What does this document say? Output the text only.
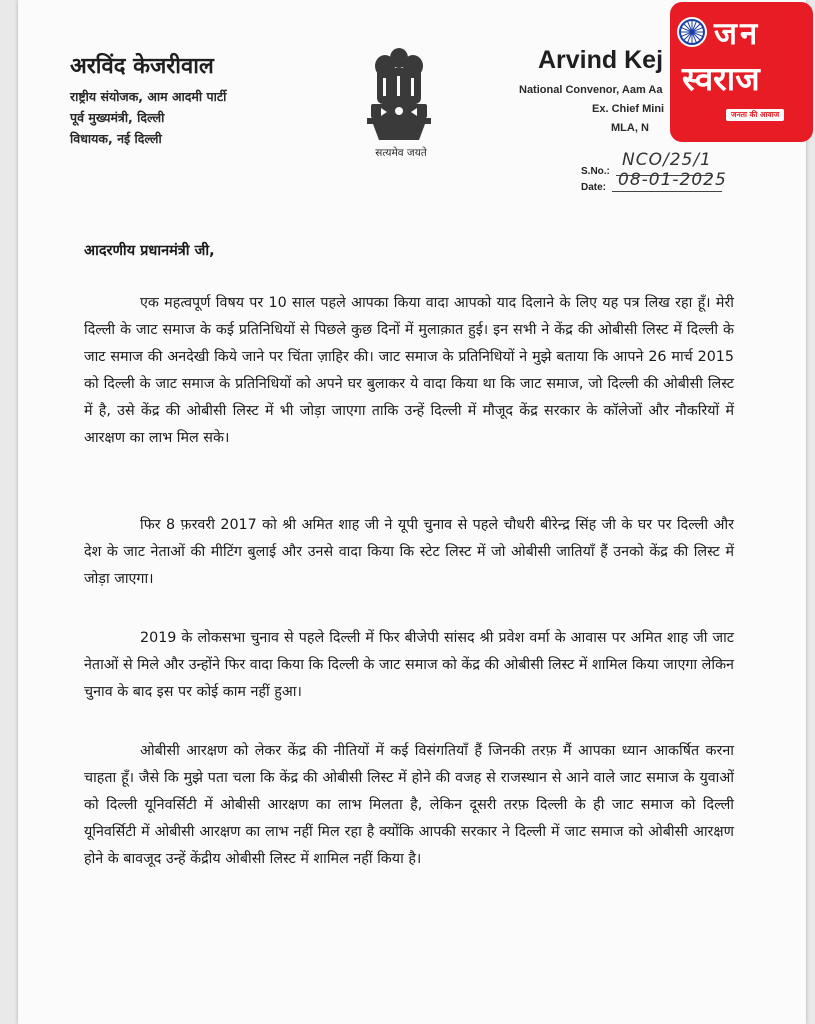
अरविंद केजरीवाल
राष्ट्रीय संयोजक, आम आदमी पार्टी
पूर्व मुख्यमंत्री, दिल्ली
विधायक, नई दिल्ली
सत्यमेव जयते
Arvind Kej
National Convenor, Aam Aa
Ex. Chief Mini
MLA, N
S.No.:
NCO/25/1
Date: 08-01-2025
आदरणीय प्रधानमंत्री जी,

एक महत्वपूर्ण विषय पर 10 साल पहले आपका किया वादा आपको याद दिलाने के लिए यह पत्र लिख रहा हूँ। मेरी दिल्ली के जाट समाज के कई प्रतिनिधियों से पिछले कुछ दिनों में मुलाक़ात हुई। इन सभी ने केंद्र की ओबीसी लिस्ट में दिल्ली के जाट समाज की अनदेखी किये जाने पर चिंता ज़ाहिर की। जाट समाज के प्रतिनिधियों ने मुझे बताया कि आपने 26 मार्च 2015 को दिल्ली के जाट समाज के प्रतिनिधियों को अपने घर बुलाकर ये वादा किया था कि जाट समाज, जो दिल्ली की ओबीसी लिस्ट में है, उसे केंद्र की ओबीसी लिस्ट में भी जोड़ा जाएगा ताकि उन्हें दिल्ली में मौजूद केंद्र सरकार के कॉलेजों और नौकरियों में आरक्षण का लाभ मिल सके।

फिर 8 फ़रवरी 2017 को श्री अमित शाह जी ने यूपी चुनाव से पहले चौधरी बीरेन्द्र सिंह जी के घर पर दिल्ली और देश के जाट नेताओं की मीटिंग बुलाई और उनसे वादा किया कि स्टेट लिस्ट में जो ओबीसी जातियाँ हैं उनको केंद्र की लिस्ट में जोड़ा जाएगा।

2019 के लोकसभा चुनाव से पहले दिल्ली में फिर बीजेपी सांसद श्री प्रवेश वर्मा के आवास पर अमित शाह जी जाट नेताओं से मिले और उन्होंने फिर वादा किया कि दिल्ली के जाट समाज को केंद्र की ओबीसी लिस्ट में शामिल किया जाएगा लेकिन चुनाव के बाद इस पर कोई काम नहीं हुआ।

ओबीसी आरक्षण को लेकर केंद्र की नीतियों में कई विसंगतियाँ हैं जिनकी तरफ़ मैं आपका ध्यान आकर्षित करना चाहता हूँ। जैसे कि मुझे पता चला कि केंद्र की ओबीसी लिस्ट में होने की वजह से राजस्थान से आने वाले जाट समाज के युवाओं को दिल्ली यूनिवर्सिटी में ओबीसी आरक्षण का लाभ मिलता है, लेकिन दूसरी तरफ़ दिल्ली के ही जाट समाज को दिल्ली यूनिवर्सिटी में ओबीसी आरक्षण का लाभ नहीं मिल रहा है क्योंकि आपकी सरकार ने दिल्ली में जाट समाज को ओबीसी आरक्षण होने के बावजूद उन्हें केंद्रीय ओबीसी लिस्ट में शामिल नहीं किया है।

जन
स्वराज
जनता की आवाज
